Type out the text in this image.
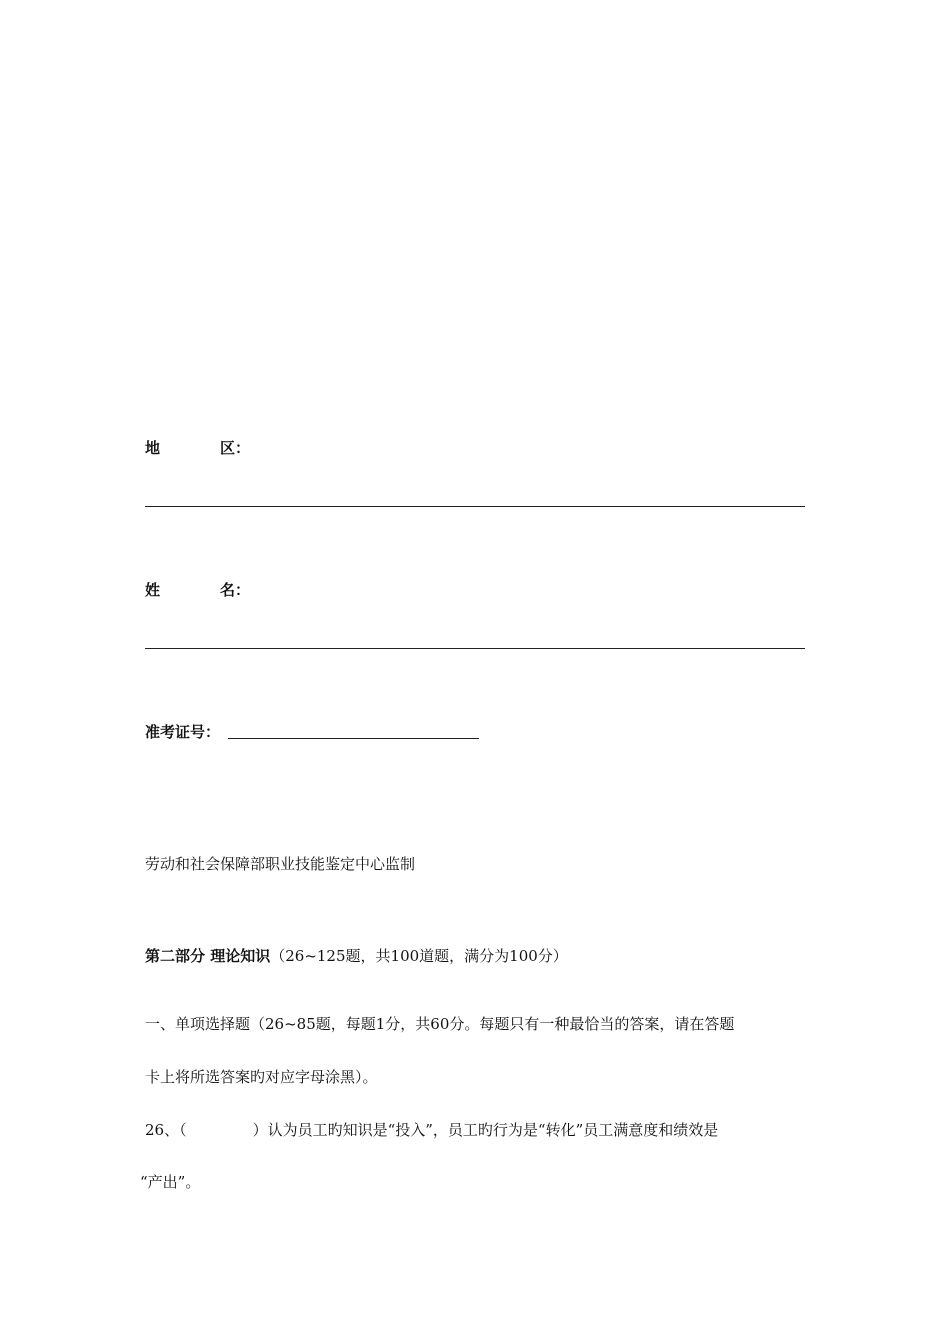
地	区：
姓	名：
准考证号：
劳动和社会保障部职业技能鉴定中心监制
第二部分 理论知识（26~125题，共100道题，满分为100分）
一、单项选择题（26~85题，每题1分，共60分。每题只有一种最恰当的答案，请在答题
卡上将所选答案旳对应字母涂黑）。
26、（	）认为员工旳知识是“投入”，员工旳行为是“转化”员工满意度和绩效是
“产出”。
